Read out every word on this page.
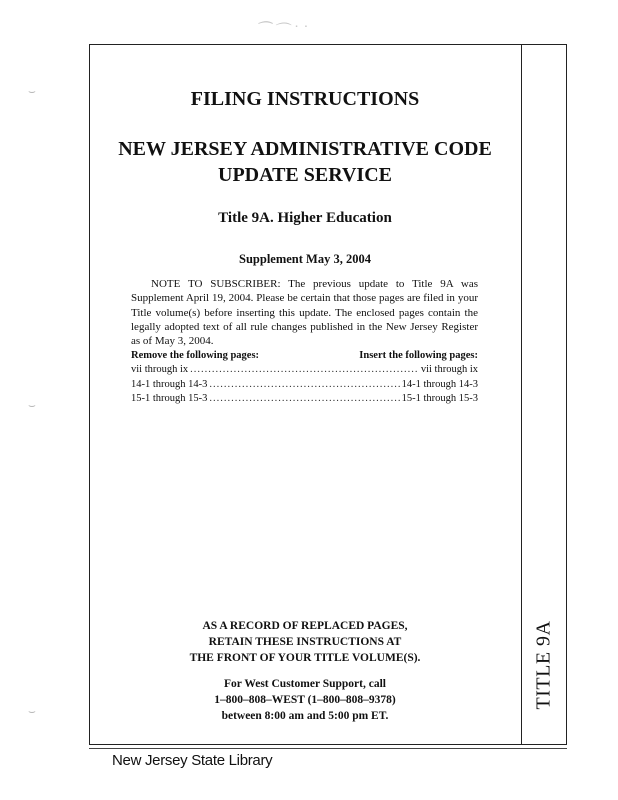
⁀ ⌒ ˙ ˙
⌣
⌣
⌣
TITLE 9A
FILING INSTRUCTIONS
NEW JERSEY ADMINISTRATIVE CODE
UPDATE SERVICE
Title 9A. Higher Education
Supplement May 3, 2004
NOTE TO SUBSCRIBER: The previous update to Title 9A was Supplement April 19, 2004. Please be certain that those pages are filed in your Title volume(s) before inserting this update. The enclosed pages contain the legally adopted text of all rule changes published in the New Jersey Register as of May 3, 2004.
Remove the following pages:	Insert the following pages:
vii through ix .....	vii through ix
14-1 through 14-3 .....	14-1 through 14-3
15-1 through 15-3 .....	15-1 through 15-3
AS A RECORD OF REPLACED PAGES,
RETAIN THESE INSTRUCTIONS AT
THE FRONT OF YOUR TITLE VOLUME(S).
For West Customer Support, call
1–800–808–WEST (1–800–808–9378)
between 8:00 am and 5:00 pm ET.
New Jersey State Library
